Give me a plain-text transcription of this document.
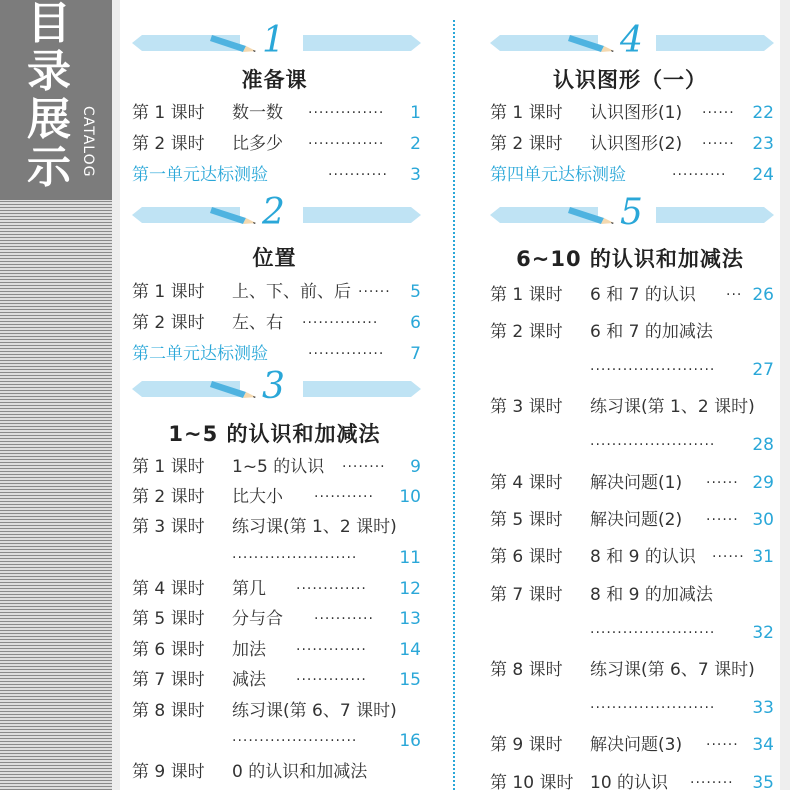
目录展示 CATALOG
1
准备课
第 1 课时 数一数 ·············· 1
第 2 课时 比多少 ·············· 2
第一单元达标测验	··········· 3
2
位置
第 1 课时 上、下、前、后 ······ 5
第 2 课时 左、右 ·············· 6
第二单元达标测验	·············· 7
3
1~5 的认识和加减法
第 1 课时 1~5 的认识 ········ 9
第 2 课时 比大小 ··········· 10
第 3 课时 练习课(第 1、2 课时)
······················· 11
第 4 课时 第几 ············· 12
第 5 课时 分与合 ··········· 13
第 6 课时 加法 ············· 14
第 7 课时 减法 ············· 15
第 8 课时 练习课(第 6、7 课时)
······················· 16
第 9 课时 0 的认识和加减法
4
认识图形（一）
第 1 课时 认识图形(1) ······ 22
第 2 课时 认识图形(2) ······ 23
第四单元达标测验	·········· 24
5
6~10 的认识和加减法
第 1 课时 6 和 7 的认识 ··· 26
第 2 课时 6 和 7 的加减法
······················· 27
第 3 课时 练习课(第 1、2 课时)
······················· 28
第 4 课时 解决问题(1) ······ 29
第 5 课时 解决问题(2) ······ 30
第 6 课时 8 和 9 的认识 ······ 31
第 7 课时 8 和 9 的加减法
······················· 32
第 8 课时 练习课(第 6、7 课时)
······················· 33
第 9 课时 解决问题(3) ······ 34
第 10 课时 10 的认识 ········ 35
